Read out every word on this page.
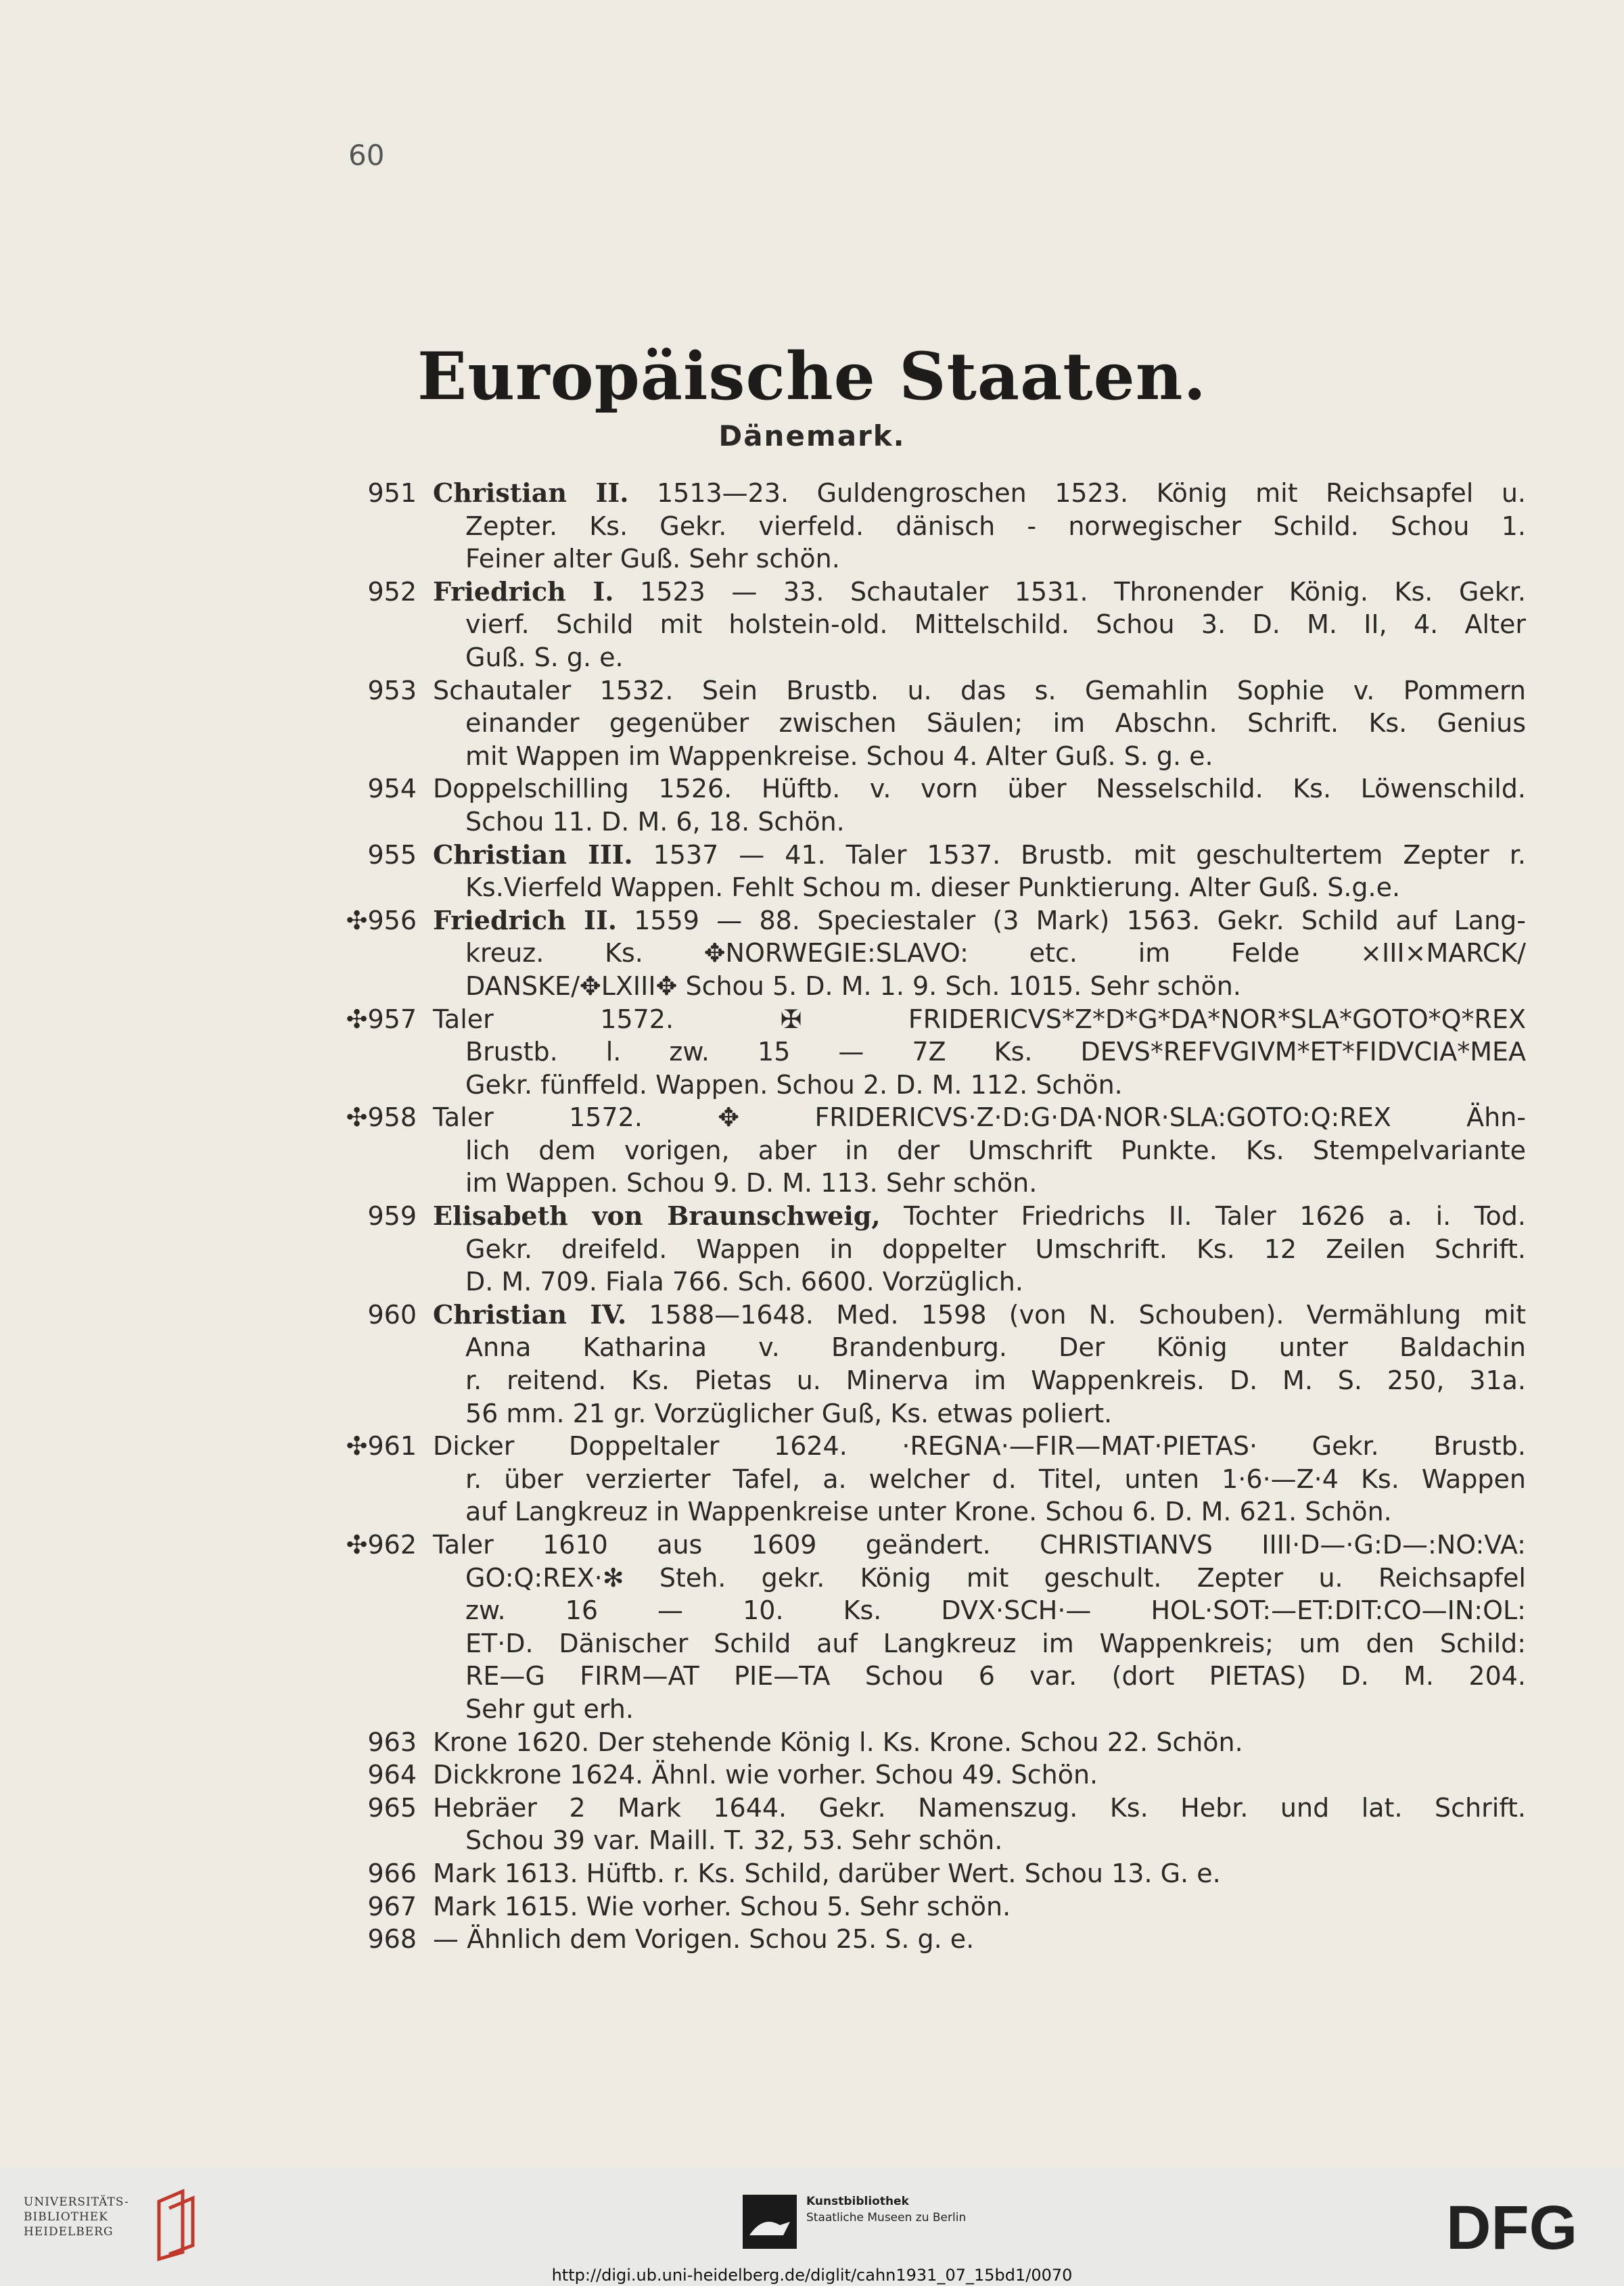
60
Europäische Staaten.
Dänemark.
951 Christian II. 1513—23. Guldengroschen 1523. König mit Reichsapfel u.
Zepter. Ks. Gekr. vierfeld. dänisch - norwegischer Schild. Schou 1.
Feiner alter Guß. Sehr schön.
952 Friedrich I. 1523 — 33. Schautaler 1531. Thronender König. Ks. Gekr.
vierf. Schild mit holstein-old. Mittelschild. Schou 3. D. M. II, 4. Alter
Guß. S. g. e.
953 Schautaler 1532. Sein Brustb. u. das s. Gemahlin Sophie v. Pommern
einander gegenüber zwischen Säulen; im Abschn. Schrift. Ks. Genius
mit Wappen im Wappenkreise. Schou 4. Alter Guß. S. g. e.
954 Doppelschilling 1526. Hüftb. v. vorn über Nesselschild. Ks. Löwenschild.
Schou 11. D. M. 6, 18. Schön.
955 Christian III. 1537 — 41. Taler 1537. Brustb. mit geschultertem Zepter r.
Ks.Vierfeld Wappen. Fehlt Schou m. dieser Punktierung. Alter Guß. S.g.e.
✣956 Friedrich II. 1559 — 88. Speciestaler (3 Mark) 1563. Gekr. Schild auf Lang-
kreuz. Ks. ✥NORWEGIE:SLAVO: etc. im Felde ×III×MARCK/
DANSKE/✥LXIII✥ Schou 5. D. M. 1. 9. Sch. 1015. Sehr schön.
✣957 Taler 1572. ✠ FRIDERICVS*Z*D*G*DA*NOR*SLA*GOTO*Q*REX
Brustb. l. zw. 15 — 7Z Ks. DEVS*REFVGIVM*ET*FIDVCIA*MEA
Gekr. fünffeld. Wappen. Schou 2. D. M. 112. Schön.
✣958 Taler 1572. ✥ FRIDERICVS·Z·D:G·DA·NOR·SLA:GOTO:Q:REX Ähn-
lich dem vorigen, aber in der Umschrift Punkte. Ks. Stempelvariante
im Wappen. Schou 9. D. M. 113. Sehr schön.
959 Elisabeth von Braunschweig, Tochter Friedrichs II. Taler 1626 a. i. Tod.
Gekr. dreifeld. Wappen in doppelter Umschrift. Ks. 12 Zeilen Schrift.
D. M. 709. Fiala 766. Sch. 6600. Vorzüglich.
960 Christian IV. 1588—1648. Med. 1598 (von N. Schouben). Vermählung mit
Anna Katharina v. Brandenburg. Der König unter Baldachin
r. reitend. Ks. Pietas u. Minerva im Wappenkreis. D. M. S. 250, 31a.
56 mm. 21 gr. Vorzüglicher Guß, Ks. etwas poliert.
✣961 Dicker Doppeltaler 1624. ·REGNA·—FIR—MAT·PIETAS· Gekr. Brustb.
r. über verzierter Tafel, a. welcher d. Titel, unten 1·6·—Z·4 Ks. Wappen
auf Langkreuz in Wappenkreise unter Krone. Schou 6. D. M. 621. Schön.
✣962 Taler 1610 aus 1609 geändert. CHRISTIANVS IIII·D—·G:D—:NO:VA:
GO:Q:REX·✻ Steh. gekr. König mit geschult. Zepter u. Reichsapfel
zw. 16 — 10. Ks. DVX·SCH·— HOL·SOT:—ET:DIT:CO—IN:OL:
ET·D. Dänischer Schild auf Langkreuz im Wappenkreis; um den Schild:
RE—G FIRM—AT PIE—TA Schou 6 var. (dort PIETAS) D. M. 204.
Sehr gut erh.
963 Krone 1620. Der stehende König l. Ks. Krone. Schou 22. Schön.
964 Dickkrone 1624. Ähnl. wie vorher. Schou 49. Schön.
965 Hebräer 2 Mark 1644. Gekr. Namenszug. Ks. Hebr. und lat. Schrift.
Schou 39 var. Maill. T. 32, 53. Sehr schön.
966 Mark 1613. Hüftb. r. Ks. Schild, darüber Wert. Schou 13. G. e.
967 Mark 1615. Wie vorher. Schou 5. Sehr schön.
968 — Ähnlich dem Vorigen. Schou 25. S. g. e.
UNIVERSITÄTS-
BIBLIOTHEK
HEIDELBERG
Kunstbibliothek
Staatliche Museen zu Berlin	DFG
http://digi.ub.uni-heidelberg.de/diglit/cahn1931_07_15bd1/0070
